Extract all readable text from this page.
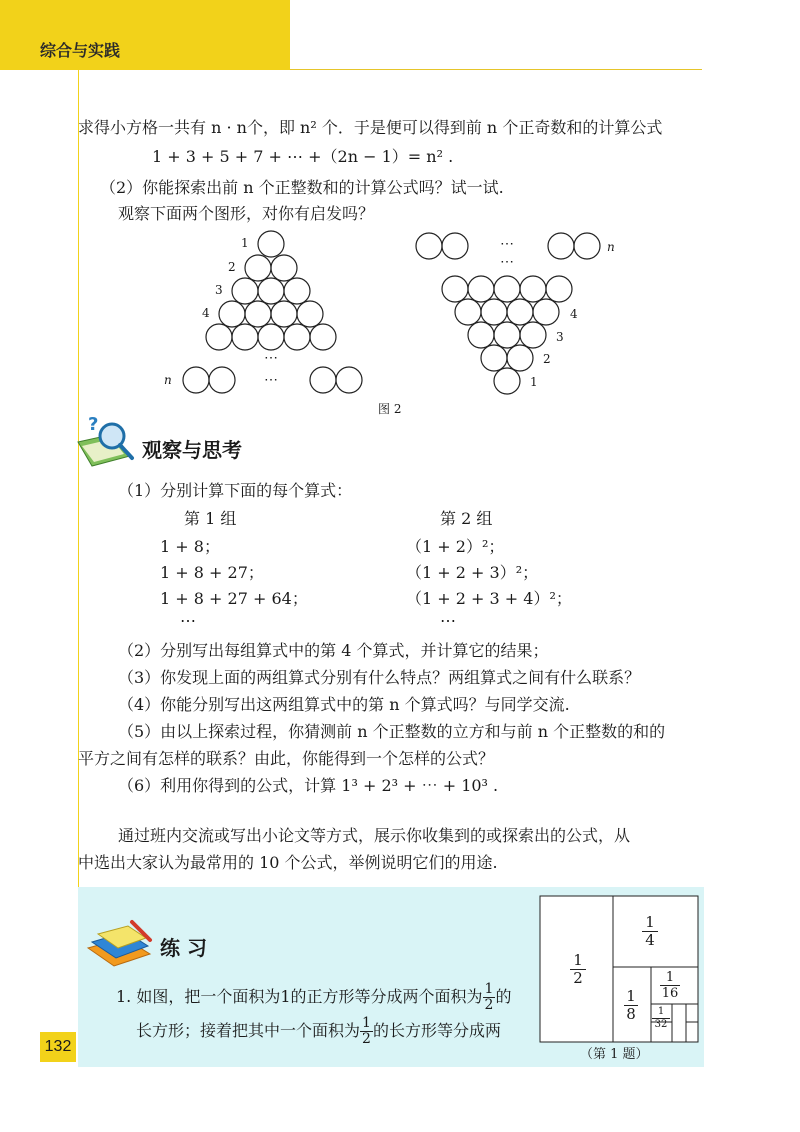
综合与实践
求得小方格一共有 n · n个，即 n² 个．于是便可以得到前 n 个正奇数和的计算公式
1 + 3 + 5 + 7 + ⋯ +（2n − 1）= n² .
（2）你能探索出前 n 个正整数和的计算公式吗？试一试.
观察下面两个图形，对你有启发吗？
1
2
3
4
n
⋯
⋯
n
4
3
2
1
⋯
⋯
图 2
?
观察与思考
（1）分别计算下面的每个算式：
第 1 组	第 2 组
1 + 8；
1 + 8 + 27；
1 + 8 + 27 + 64；
⋯
（1 + 2）²；
（1 + 2 + 3）²；
（1 + 2 + 3 + 4）²；
⋯
（2）分别写出每组算式中的第 4 个算式，并计算它的结果；
（3）你发现上面的两组算式分别有什么特点？两组算式之间有什么联系？
（4）你能分别写出这两组算式中的第 n 个算式吗？与同学交流.
（5）由以上探索过程，你猜测前 n 个正整数的立方和与前 n 个正整数的和的
平方之间有怎样的联系？由此，你能得到一个怎样的公式？
（6）利用你得到的公式，计算 1³ + 2³ + ⋯ + 10³ .
通过班内交流或写出小论文等方式，展示你收集到的或探索出的公式，从
中选出大家认为最常用的 10 个公式，举例说明它们的用途.
练 习
1. 如图，把一个面积为1的正方形等分成两个面积为 $\frac{1}{2}$ 的
长方形；接着把其中一个面积为 $\frac{1}{2}$ 的长方形等分成两
$\frac{1}{2}$
$\frac{1}{4}$
$\frac{1}{8}$
$\frac{1}{16}$
$\frac{1}{32}$
（第 1 题）
132
